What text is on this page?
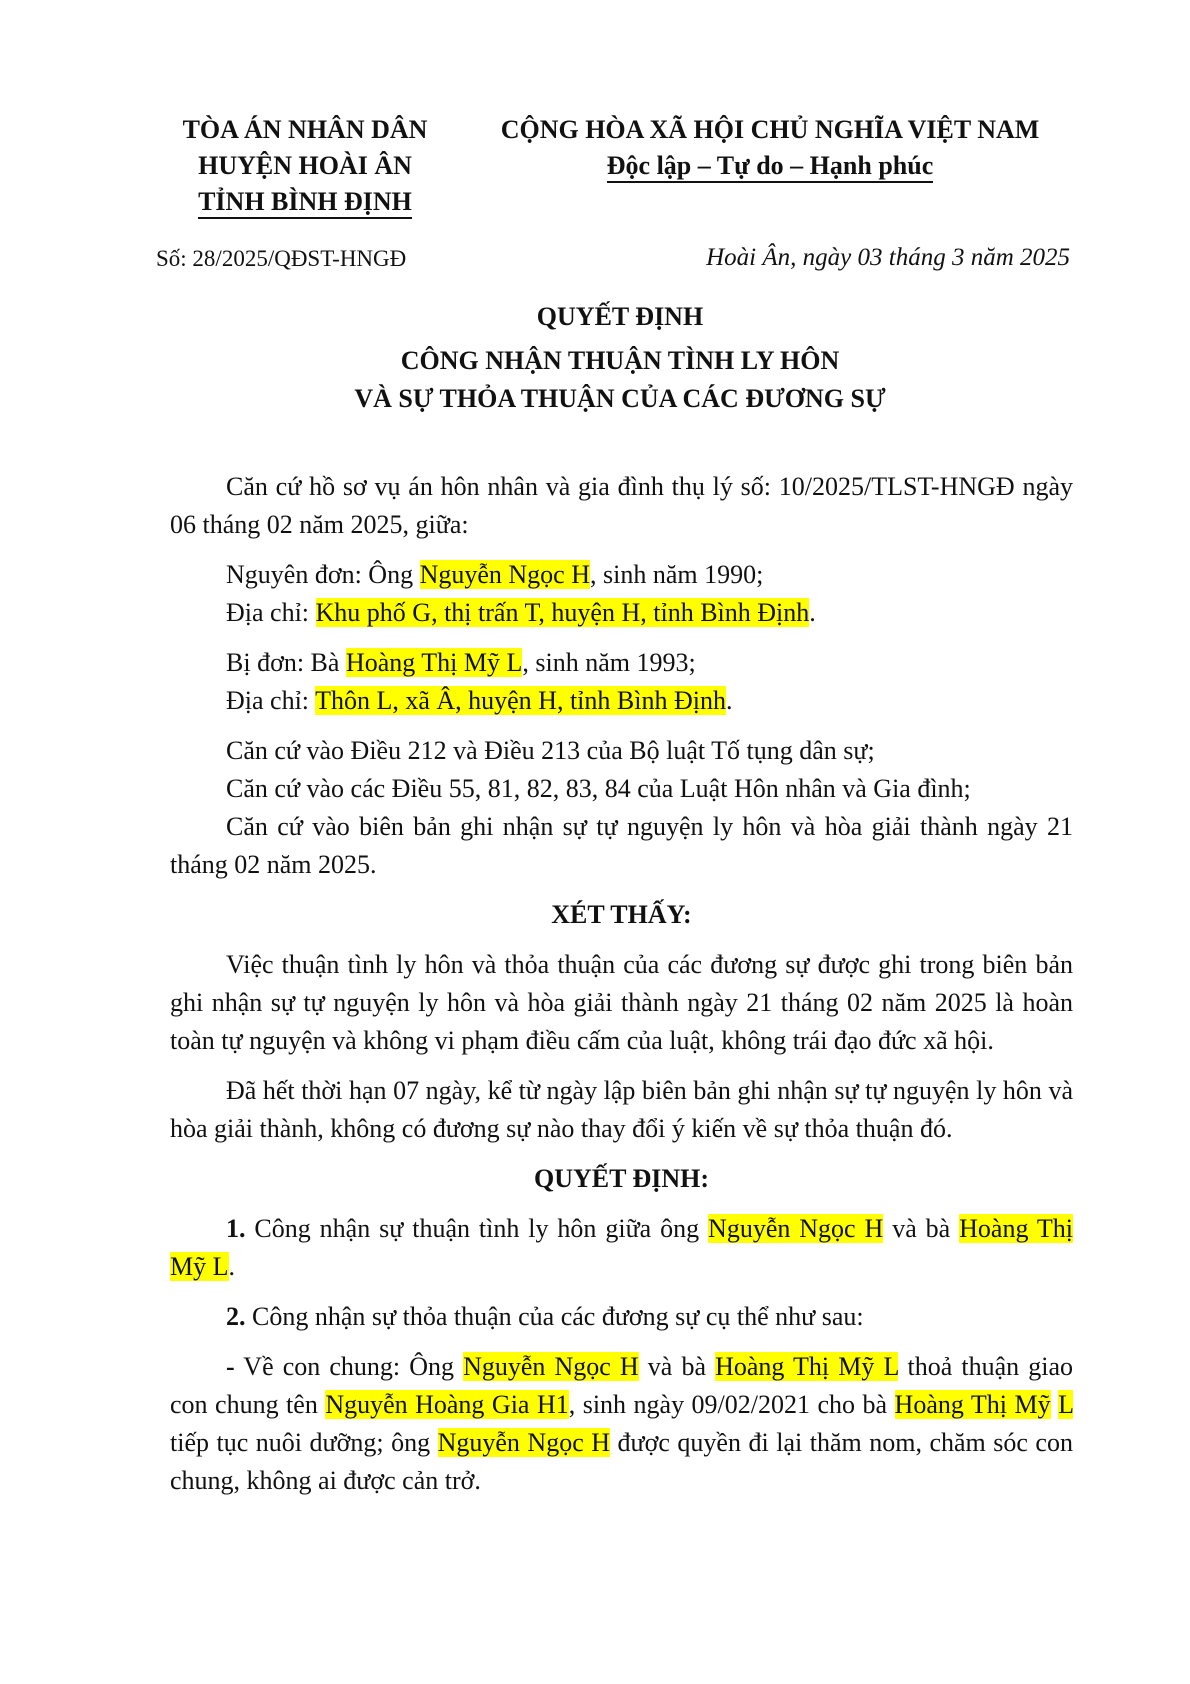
TÒA ÁN NHÂN DÂN
HUYỆN HOÀI ÂN
TỈNH BÌNH ĐỊNH
CỘNG HÒA XÃ HỘI CHỦ NGHĨA VIỆT NAM
Độc lập – Tự do – Hạnh phúc
Số: 28/2025/QĐST-HNGĐ	Hoài Ân, ngày 03 tháng 3 năm 2025
QUYẾT ĐỊNH
CÔNG NHẬN THUẬN TÌNH LY HÔN
VÀ SỰ THỎA THUẬN CỦA CÁC ĐƯƠNG SỰ

Căn cứ hồ sơ vụ án hôn nhân và gia đình thụ lý số: 10/2025/TLST-HNGĐ ngày 06 tháng 02 năm 2025, giữa:

Nguyên đơn: Ông Nguyễn Ngọc H, sinh năm 1990;

Địa chỉ: Khu phố G, thị trấn T, huyện H, tỉnh Bình Định.

Bị đơn: Bà Hoàng Thị Mỹ L, sinh năm 1993;

Địa chỉ: Thôn L, xã Â, huyện H, tỉnh Bình Định.

Căn cứ vào Điều 212 và Điều 213 của Bộ luật Tố tụng dân sự;

Căn cứ vào các Điều 55, 81, 82, 83, 84 của Luật Hôn nhân và Gia đình;

Căn cứ vào biên bản ghi nhận sự tự nguyện ly hôn và hòa giải thành ngày 21 tháng 02 năm 2025.

XÉT THẤY:

Việc thuận tình ly hôn và thỏa thuận của các đương sự được ghi trong biên bản ghi nhận sự tự nguyện ly hôn và hòa giải thành ngày 21 tháng 02 năm 2025 là hoàn toàn tự nguyện và không vi phạm điều cấm của luật, không trái đạo đức xã hội.

Đã hết thời hạn 07 ngày, kể từ ngày lập biên bản ghi nhận sự tự nguyện ly hôn và hòa giải thành, không có đương sự nào thay đổi ý kiến về sự thỏa thuận đó.

QUYẾT ĐỊNH:

1. Công nhận sự thuận tình ly hôn giữa ông Nguyễn Ngọc H và bà Hoàng Thị Mỹ L.

2. Công nhận sự thỏa thuận của các đương sự cụ thể như sau:

- Về con chung: Ông Nguyễn Ngọc H và bà Hoàng Thị Mỹ L thoả thuận giao con chung tên Nguyễn Hoàng Gia H1, sinh ngày 09/02/2021 cho bà Hoàng Thị Mỹ L tiếp tục nuôi dưỡng; ông Nguyễn Ngọc H được quyền đi lại thăm nom, chăm sóc con chung, không ai được cản trở.
